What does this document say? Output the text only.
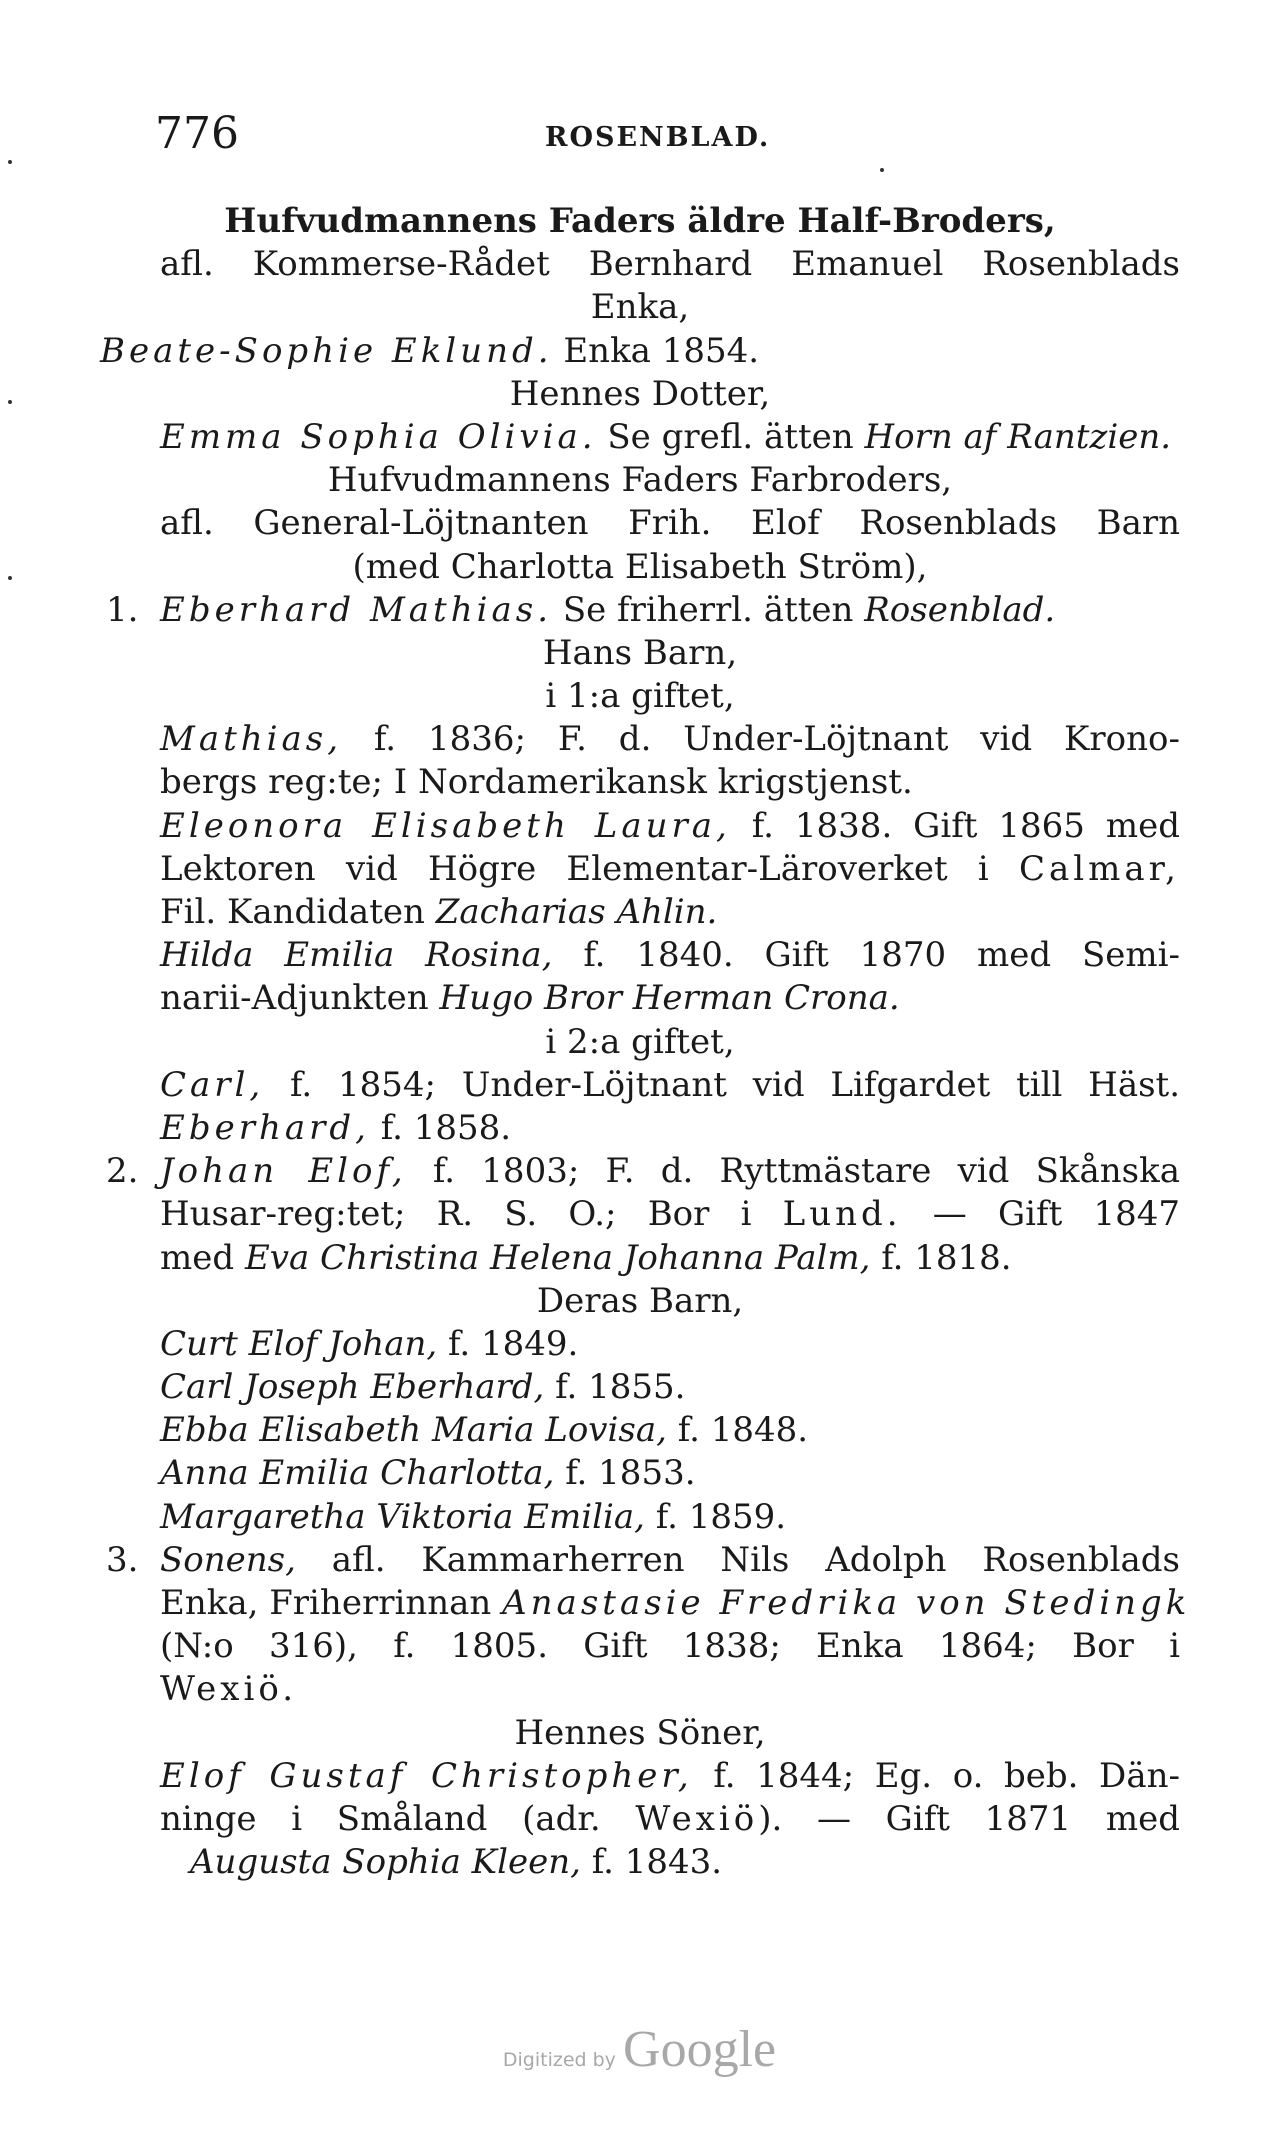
776	ROSENBLAD.
Hufvudmannens Faders äldre Half-Broders,
afl. Kommerse-Rådet Bernhard Emanuel Rosenblads
Enka,
Beate-Sophie Eklund. Enka 1854.
Hennes Dotter,
Emma Sophia Olivia. Se grefl. ätten Horn af Rantzien.
Hufvudmannens Faders Farbroders,
afl. General-Löjtnanten Frih. Elof Rosenblads Barn
(med Charlotta Elisabeth Ström),
1. Eberhard Mathias. Se friherrl. ätten Rosenblad.
Hans Barn,
i 1:a giftet,
Mathias, f. 1836; F. d. Under-Löjtnant vid Krono-
bergs reg:te; I Nordamerikansk krigstjenst.
Eleonora Elisabeth Laura, f. 1838. Gift 1865 med
Lektoren vid Högre Elementar-Läroverket i Calmar,
Fil. Kandidaten Zacharias Ahlin.
Hilda Emilia Rosina, f. 1840. Gift 1870 med Semi-
narii-Adjunkten Hugo Bror Herman Crona.
i 2:a giftet,
Carl, f. 1854; Under-Löjtnant vid Lifgardet till Häst.
Eberhard, f. 1858.
2. Johan Elof, f. 1803; F. d. Ryttmästare vid Skånska
Husar-reg:tet; R. S. O.; Bor i Lund. — Gift 1847
med Eva Christina Helena Johanna Palm, f. 1818.
Deras Barn,
Curt Elof Johan, f. 1849.
Carl Joseph Eberhard, f. 1855.
Ebba Elisabeth Maria Lovisa, f. 1848.
Anna Emilia Charlotta, f. 1853.
Margaretha Viktoria Emilia, f. 1859.
3. Sonens, afl. Kammarherren Nils Adolph Rosenblads
Enka, Friherrinnan Anastasie Fredrika von Stedingk
(N:o 316), f. 1805. Gift 1838; Enka 1864; Bor i
Wexiö.
Hennes Söner,
Elof Gustaf Christopher, f. 1844; Eg. o. beb. Dän-
ninge i Småland (adr. Wexiö). — Gift 1871 med
Augusta Sophia Kleen, f. 1843.
Digitized by Google
